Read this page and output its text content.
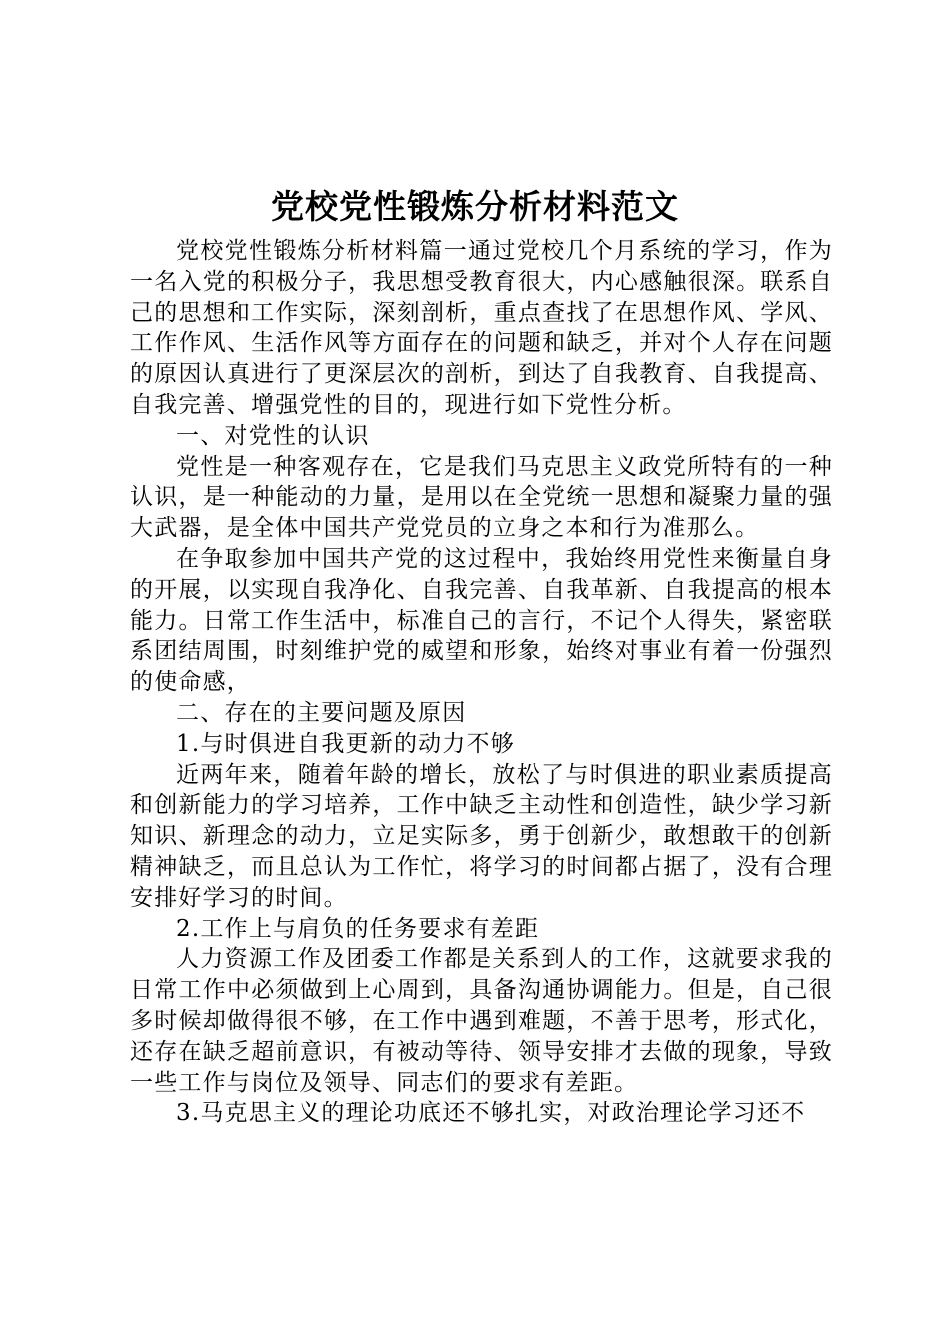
党校党性锻炼分析材料范文

党校党性锻炼分析材料篇一通过党校几个月系统的学习，作为一名入党的积极分子，我思想受教育很大，内心感触很深。联系自己的思想和工作实际，深刻剖析，重点查找了在思想作风、学风、工作作风、生活作风等方面存在的问题和缺乏，并对个人存在问题的原因认真进行了更深层次的剖析，到达了自我教育、自我提高、自我完善、增强党性的目的，现进行如下党性分析。

一、对党性的认识

党性是一种客观存在，它是我们马克思主义政党所特有的一种认识，是一种能动的力量，是用以在全党统一思想和凝聚力量的强大武器，是全体中国共产党党员的立身之本和行为准那么。

在争取参加中国共产党的这过程中，我始终用党性来衡量自身的开展，以实现自我净化、自我完善、自我革新、自我提高的根本能力。日常工作生活中，标准自己的言行，不记个人得失，紧密联系团结周围，时刻维护党的威望和形象，始终对事业有着一份强烈的使命感，

二、存在的主要问题及原因

1.与时俱进自我更新的动力不够

近两年来，随着年龄的增长，放松了与时俱进的职业素质提高和创新能力的学习培养，工作中缺乏主动性和创造性，缺少学习新知识、新理念的动力，立足实际多，勇于创新少，敢想敢干的创新精神缺乏，而且总认为工作忙，将学习的时间都占据了，没有合理安排好学习的时间。

2.工作上与肩负的任务要求有差距

人力资源工作及团委工作都是关系到人的工作，这就要求我的日常工作中必须做到上心周到，具备沟通协调能力。但是，自己很多时候却做得很不够，在工作中遇到难题，不善于思考，形式化，还存在缺乏超前意识，有被动等待、领导安排才去做的现象，导致一些工作与岗位及领导、同志们的要求有差距。

3.马克思主义的理论功底还不够扎实，对政治理论学习还不
